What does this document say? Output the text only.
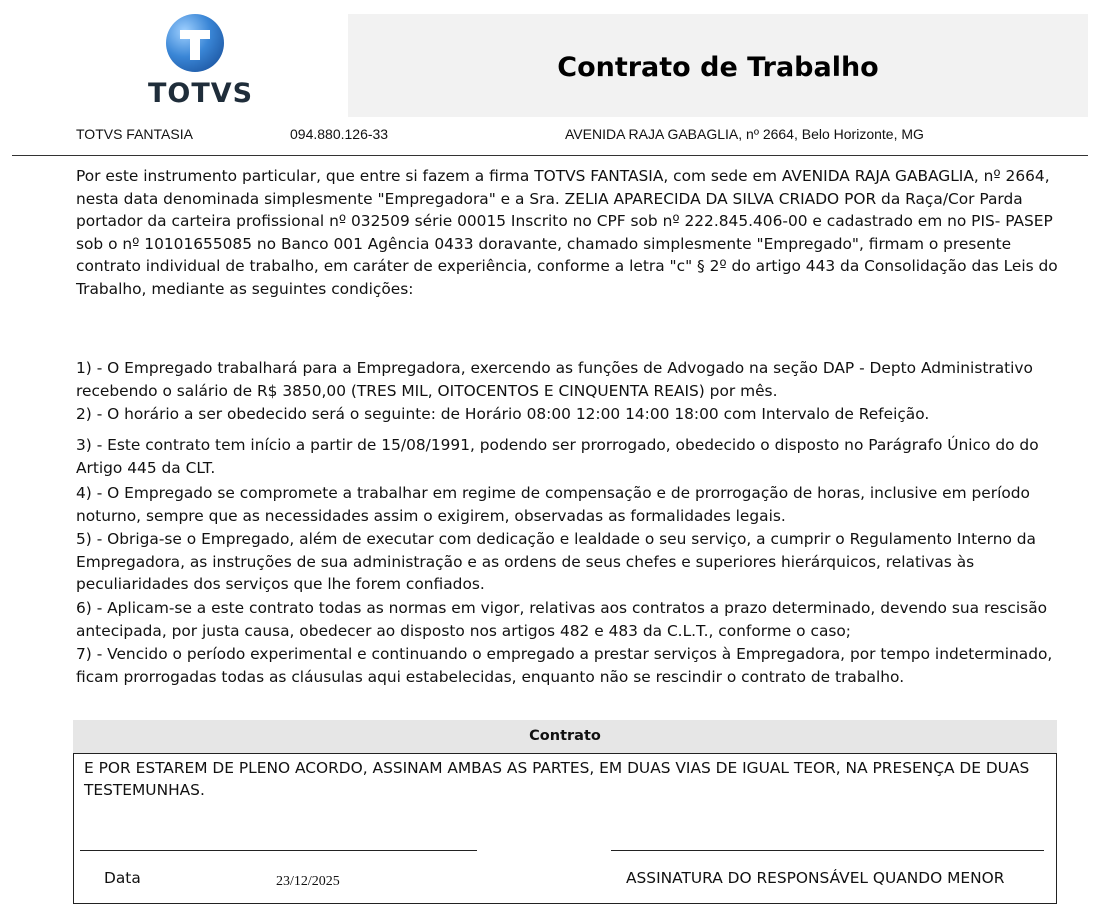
TOTVS
Contrato de Trabalho
TOTVS FANTASIA	094.880.126-33	AVENIDA RAJA GABAGLIA, nº 2664, Belo Horizonte, MG

Por este instrumento particular, que entre si fazem a firma TOTVS FANTASIA, com sede em AVENIDA RAJA GABAGLIA, nº 2664, nesta data denominada simplesmente "Empregadora" e a Sra. ZELIA APARECIDA DA SILVA CRIADO POR da Raça/Cor Parda portador da carteira profissional nº 032509 série 00015 Inscrito no CPF sob nº 222.845.406-00 e cadastrado em no PIS- PASEP sob o nº 10101655085 no Banco 001 Agência 0433 doravante, chamado simplesmente "Empregado", firmam o presente contrato individual de trabalho, em caráter de experiência, conforme a letra "c" § 2º do artigo 443 da Consolidação das Leis do Trabalho, mediante as seguintes condições:

1) - O Empregado trabalhará para a Empregadora, exercendo as funções de Advogado na seção DAP - Depto Administrativo recebendo o salário de R$ 3850,00 (TRES MIL, OITOCENTOS E CINQUENTA REAIS) por mês.

2) - O horário a ser obedecido será o seguinte: de Horário 08:00 12:00 14:00 18:00 com Intervalo de Refeição.

3) - Este contrato tem início a partir de 15/08/1991, podendo ser prorrogado, obedecido o disposto no Parágrafo Único do do Artigo 445 da CLT.

4) - O Empregado se compromete a trabalhar em regime de compensação e de prorrogação de horas, inclusive em período noturno, sempre que as necessidades assim o exigirem, observadas as formalidades legais.

5) - Obriga-se o Empregado, além de executar com dedicação e lealdade o seu serviço, a cumprir o Regulamento Interno da Empregadora, as instruções de sua administração e as ordens de seus chefes e superiores hierárquicos, relativas às peculiaridades dos serviços que lhe forem confiados.

6) - Aplicam-se a este contrato todas as normas em vigor, relativas aos contratos a prazo determinado, devendo sua rescisão antecipada, por justa causa, obedecer ao disposto nos artigos 482 e 483 da C.L.T., conforme o caso;

7) - Vencido o período experimental e continuando o empregado a prestar serviços à Empregadora, por tempo indeterminado, ficam prorrogadas todas as cláusulas aqui estabelecidas, enquanto não se rescindir o contrato de trabalho.

Contrato
E POR ESTAREM DE PLENO ACORDO, ASSINAM AMBAS AS PARTES, EM DUAS VIAS DE IGUAL TEOR, NA PRESENÇA DE DUAS TESTEMUNHAS.
Data	23/12/2025	ASSINATURA DO RESPONSÁVEL QUANDO MENOR
